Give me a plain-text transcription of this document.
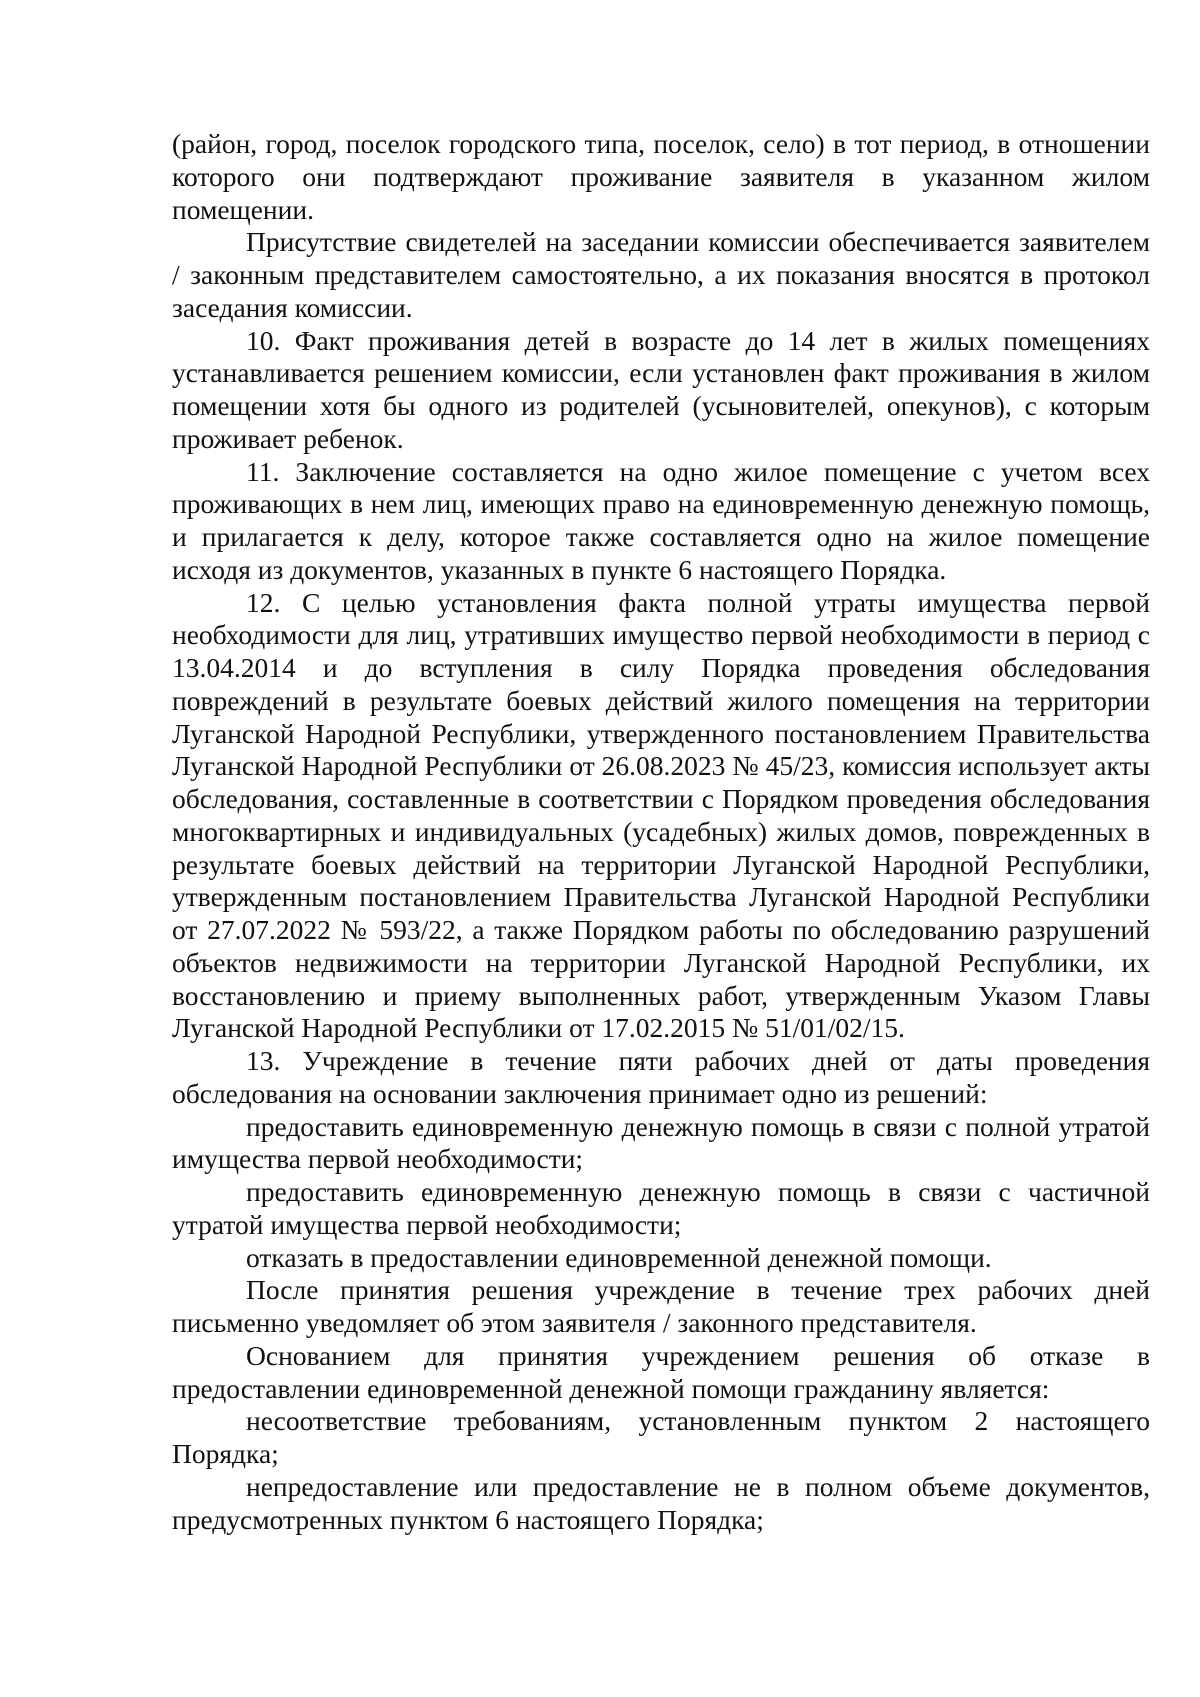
(район, город, поселок городского типа, поселок, село) в тот период, в отношении которого они подтверждают проживание заявителя в указанном жилом помещении.

Присутствие свидетелей на заседании комиссии обеспечивается заявителем / законным представителем самостоятельно, а их показания вносятся в протокол заседания комиссии.

10. Факт проживания детей в возрасте до 14 лет в жилых помещениях устанавливается решением комиссии, если установлен факт проживания в жилом помещении хотя бы одного из родителей (усыновителей, опекунов), с которым проживает ребенок.

11. Заключение составляется на одно жилое помещение с учетом всех проживающих в нем лиц, имеющих право на единовременную денежную помощь, и прилагается к делу, которое также составляется одно на жилое помещение исходя из документов, указанных в пункте 6 настоящего Порядка.

12. С целью установления факта полной утраты имущества первой необходимости для лиц, утративших имущество первой необходимости в период с 13.04.2014 и до вступления в силу Порядка проведения обследования повреждений в результате боевых действий жилого помещения на территории Луганской Народной Республики, утвержденного постановлением Правительства Луганской Народной Республики от 26.08.2023 № 45/23, комиссия использует акты обследования, составленные в соответствии с Порядком проведения обследования многоквартирных и индивидуальных (усадебных) жилых домов, поврежденных в результате боевых действий на территории Луганской Народной Республики, утвержденным постановлением Правительства Луганской Народной Республики от 27.07.2022 № 593/22, а также Порядком работы по обследованию разрушений объектов недвижимости на территории Луганской Народной Республики, их восстановлению и приему выполненных работ, утвержденным Указом Главы Луганской Народной Республики от 17.02.2015 № 51/01/02/15.

13. Учреждение в течение пяти рабочих дней от даты проведения обследования на основании заключения принимает одно из решений:

предоставить единовременную денежную помощь в связи с полной утратой имущества первой необходимости;

предоставить единовременную денежную помощь в связи с частичной утратой имущества первой необходимости;

отказать в предоставлении единовременной денежной помощи.

После принятия решения учреждение в течение трех рабочих дней письменно уведомляет об этом заявителя / законного представителя.

Основанием для принятия учреждением решения об отказе в предоставлении единовременной денежной помощи гражданину является:

несоответствие требованиям, установленным пунктом 2 настоящего Порядка;

непредоставление или предоставление не в полном объеме документов, предусмотренных пунктом 6 настоящего Порядка;
